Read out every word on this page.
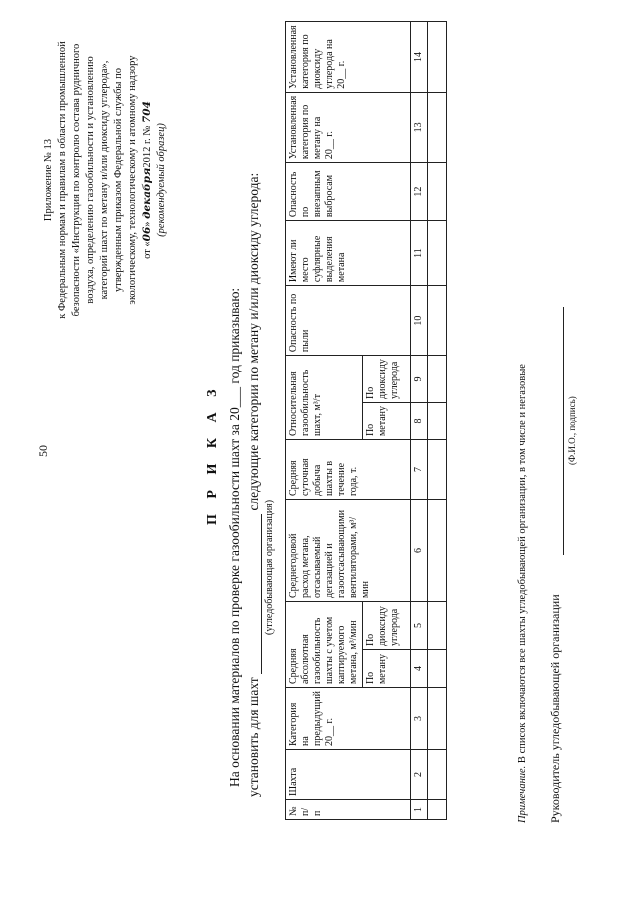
50
Приложение № 13 к Федеральным нормам и правилам в области промышленной безопасности «Инструкция по контролю состава рудничного воздуха, определению газообильности и установлению категорий шахт по метану и/или диоксиду углерода», утвержденным приказом Федеральной службы по экологическому, технологическому и атомному надзору от «06» декабря2012 г. № 704
(рекомендуемый образец)
П Р И К А З На основании материалов по проверке газообильности шахт за 20___ год приказываю: установить для шахт  следующие категории по метану и/или диоксиду углерода:
(угледобывающая организация)
№ п/п	Шахта	Категория на предыдущий 20__ г.	Средняя абсолютная газообильность шахты с учетом каптируемого метана, м³/мин		Среднегодовой расход метана, отсасываемый дегазацией и газоотсасывающими вентиляторами, м³/мин	Средняя суточная добыча шахты в течение года, т.	Относительная газообильность шахт, м³/т		Опасность по пыли	Имеют ли место суфлярные выделения метана	Опасность по внезапным выбросам	Установленная категория по метану на 20__ г.	Установленная категория по диоксиду углерода на 20__ г.
			По метану	По диоксиду углерода			По метану	По диоксиду углерода					
1	2	3	4	5	6	7	8	9	10	11	12	13	14

Примечание. В список включаются все шахты угледобывающей организации, в том числе и негазовые Руководитель угледобывающей организации
(Ф.И.О., подпись)
